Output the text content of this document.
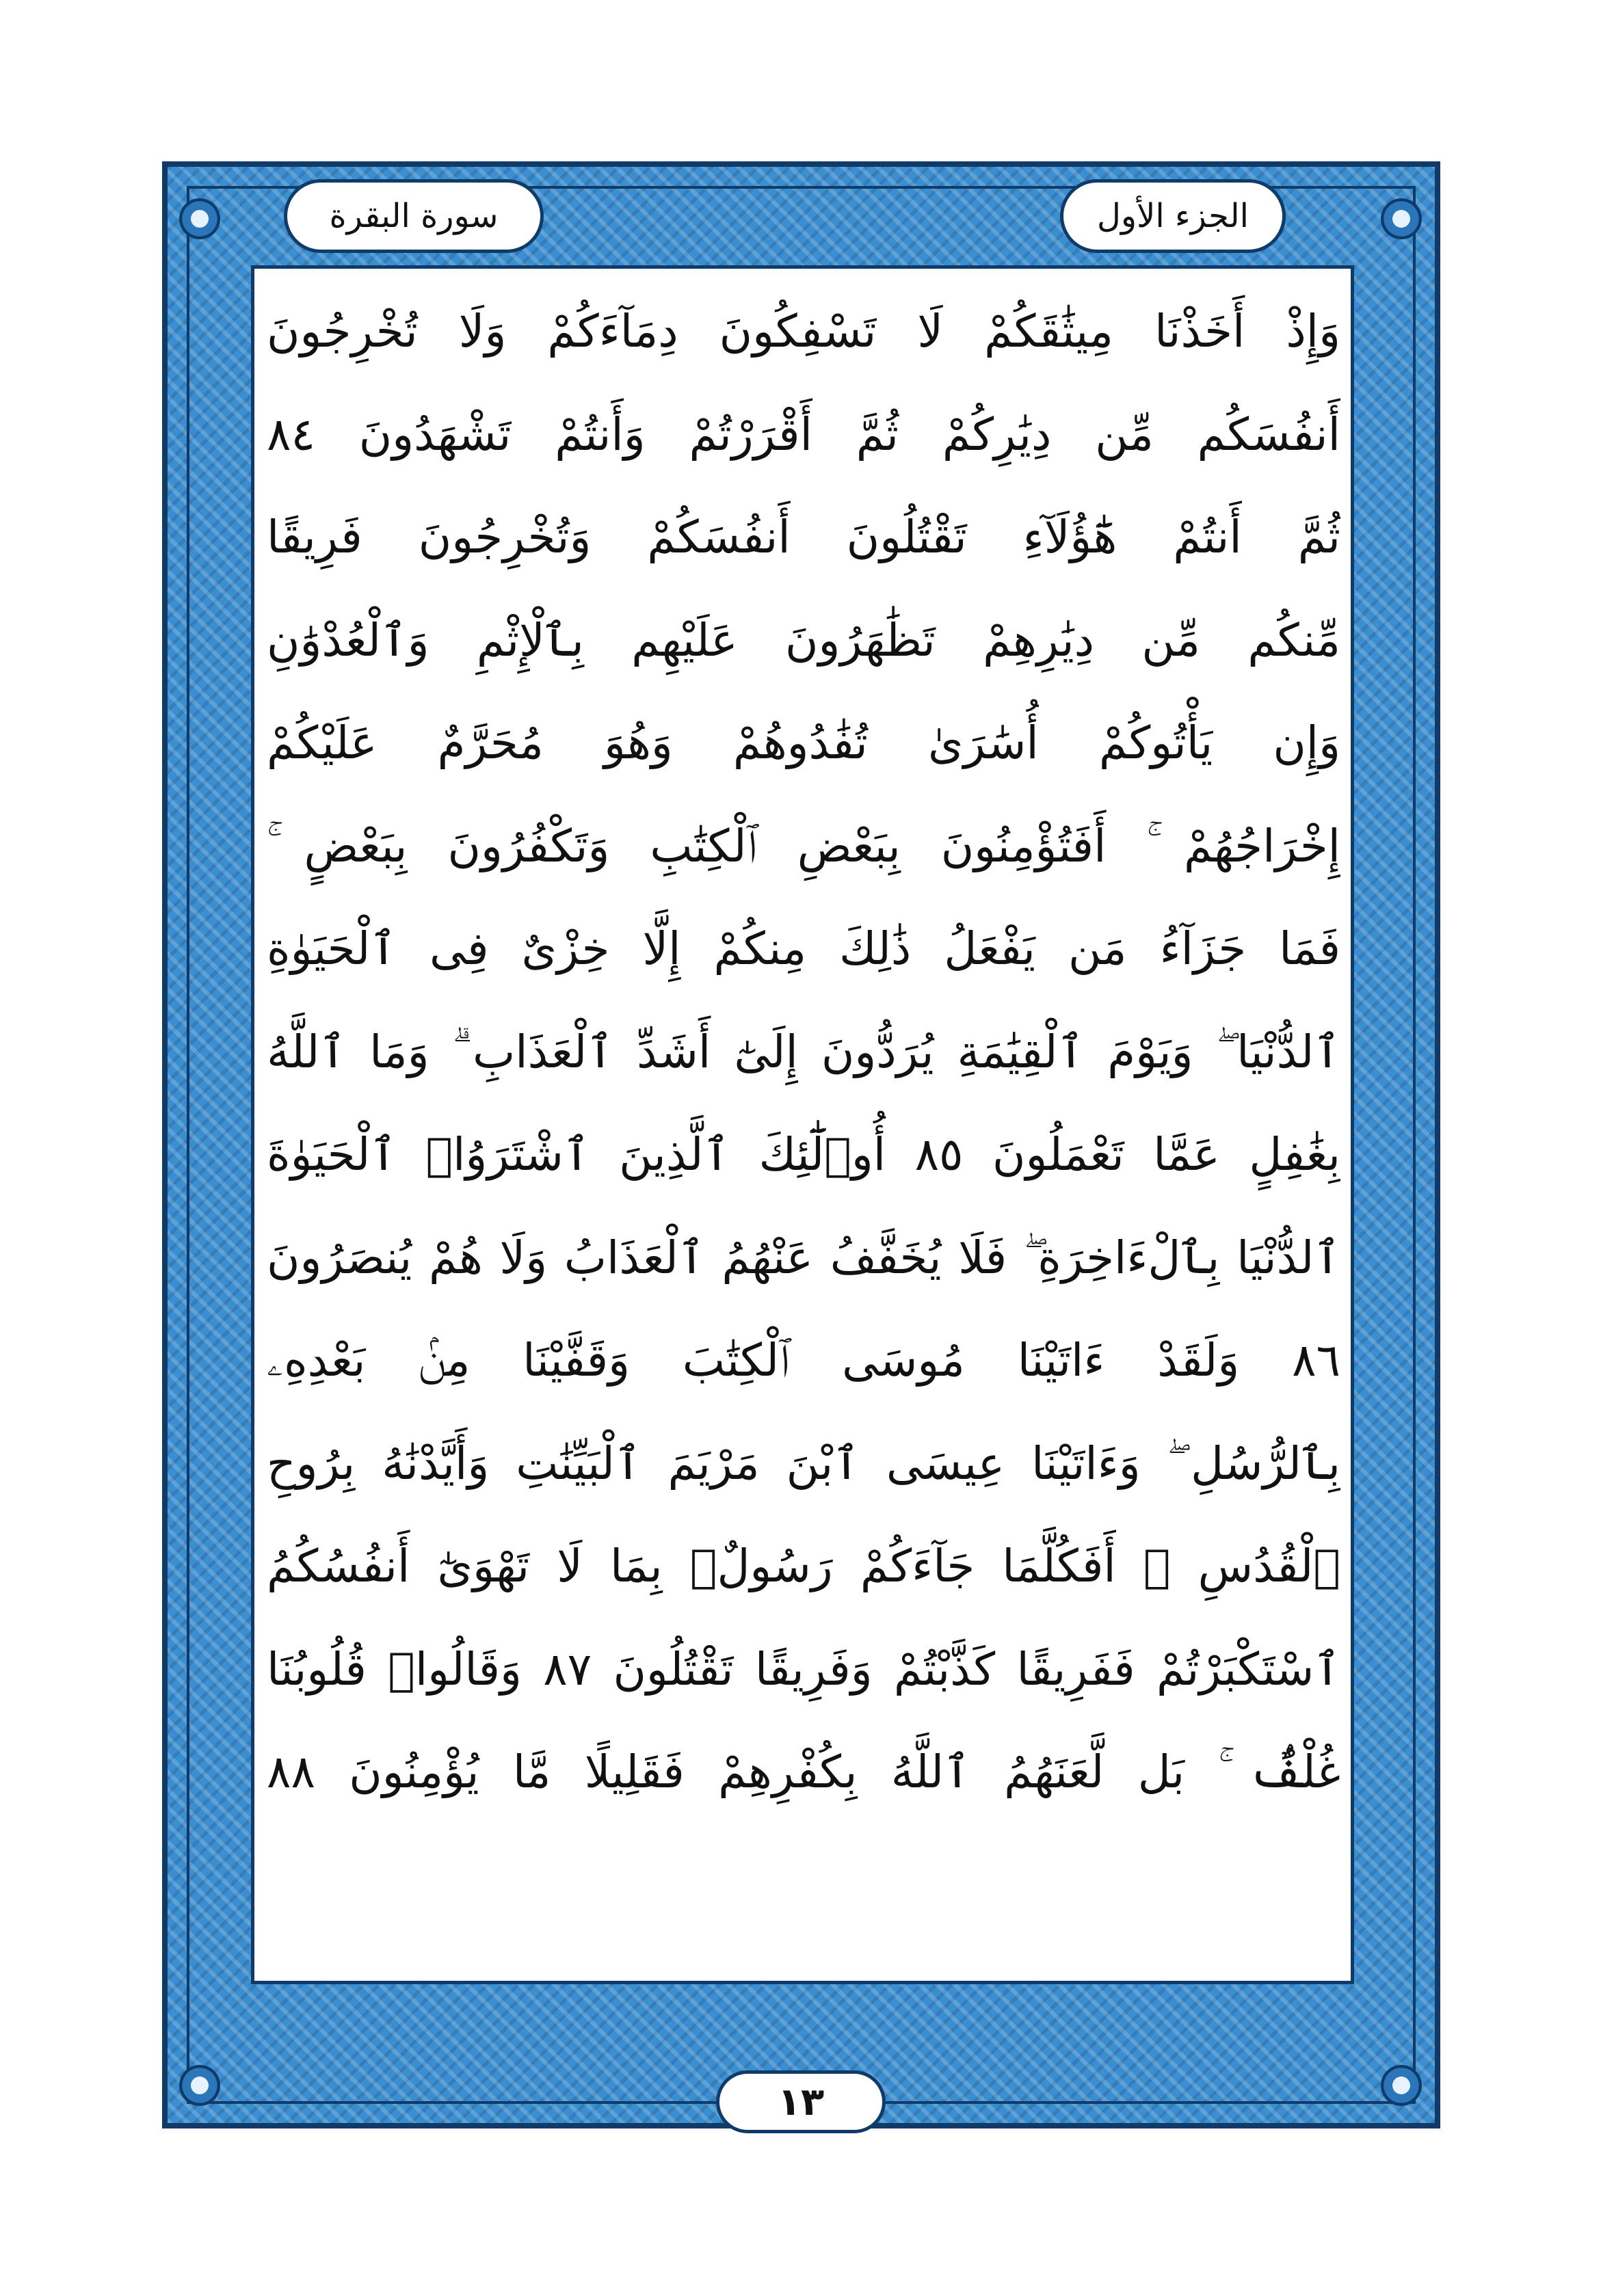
الجزء الأول
سورة البقرة
وَإِذْ أَخَذْنَا مِيثَٰقَكُمْ لَا تَسْفِكُونَ دِمَآءَكُمْ وَلَا تُخْرِجُونَ
أَنفُسَكُم مِّن دِيَٰرِكُمْ ثُمَّ أَقْرَرْتُمْ وَأَنتُمْ تَشْهَدُونَ ٨٤
ثُمَّ أَنتُمْ هَٰٓؤُلَآءِ تَقْتُلُونَ أَنفُسَكُمْ وَتُخْرِجُونَ فَرِيقًا
مِّنكُم مِّن دِيَٰرِهِمْ تَظَٰهَرُونَ عَلَيْهِم بِٱلْإِثْمِ وَٱلْعُدْوَٰنِ
وَإِن يَأْتُوكُمْ أُسَٰرَىٰ تُفَٰدُوهُمْ وَهُوَ مُحَرَّمٌ عَلَيْكُمْ
إِخْرَاجُهُمْ ۚ أَفَتُؤْمِنُونَ بِبَعْضِ ٱلْكِتَٰبِ وَتَكْفُرُونَ بِبَعْضٍ ۚ
فَمَا جَزَآءُ مَن يَفْعَلُ ذَٰلِكَ مِنكُمْ إِلَّا خِزْىٌ فِى ٱلْحَيَوٰةِ
ٱلدُّنْيَا ۖ وَيَوْمَ ٱلْقِيَٰمَةِ يُرَدُّونَ إِلَىٰٓ أَشَدِّ ٱلْعَذَابِ ۗ وَمَا ٱللَّهُ
بِغَٰفِلٍ عَمَّا تَعْمَلُونَ ٨٥ أُو۟لَٰٓئِكَ ٱلَّذِينَ ٱشْتَرَوُا۟ ٱلْحَيَوٰةَ
ٱلدُّنْيَا بِٱلْءَاخِرَةِ ۖ فَلَا يُخَفَّفُ عَنْهُمُ ٱلْعَذَابُ وَلَا هُمْ يُنصَرُونَ
٨٦ وَلَقَدْ ءَاتَيْنَا مُوسَى ٱلْكِتَٰبَ وَقَفَّيْنَا مِنۢ بَعْدِهِۦ
بِٱلرُّسُلِ ۖ وَءَاتَيْنَا عِيسَى ٱبْنَ مَرْيَمَ ٱلْبَيِّنَٰتِ وَأَيَّدْنَٰهُ بِرُوحِ
ٱلْقُدُسِ ۗ أَفَكُلَّمَا جَآءَكُمْ رَسُولٌۢ بِمَا لَا تَهْوَىٰٓ أَنفُسُكُمُ
ٱسْتَكْبَرْتُمْ فَفَرِيقًا كَذَّبْتُمْ وَفَرِيقًا تَقْتُلُونَ ٨٧ وَقَالُوا۟ قُلُوبُنَا
غُلْفٌۢ ۚ بَل لَّعَنَهُمُ ٱللَّهُ بِكُفْرِهِمْ فَقَلِيلًا مَّا يُؤْمِنُونَ ٨٨
١٣
